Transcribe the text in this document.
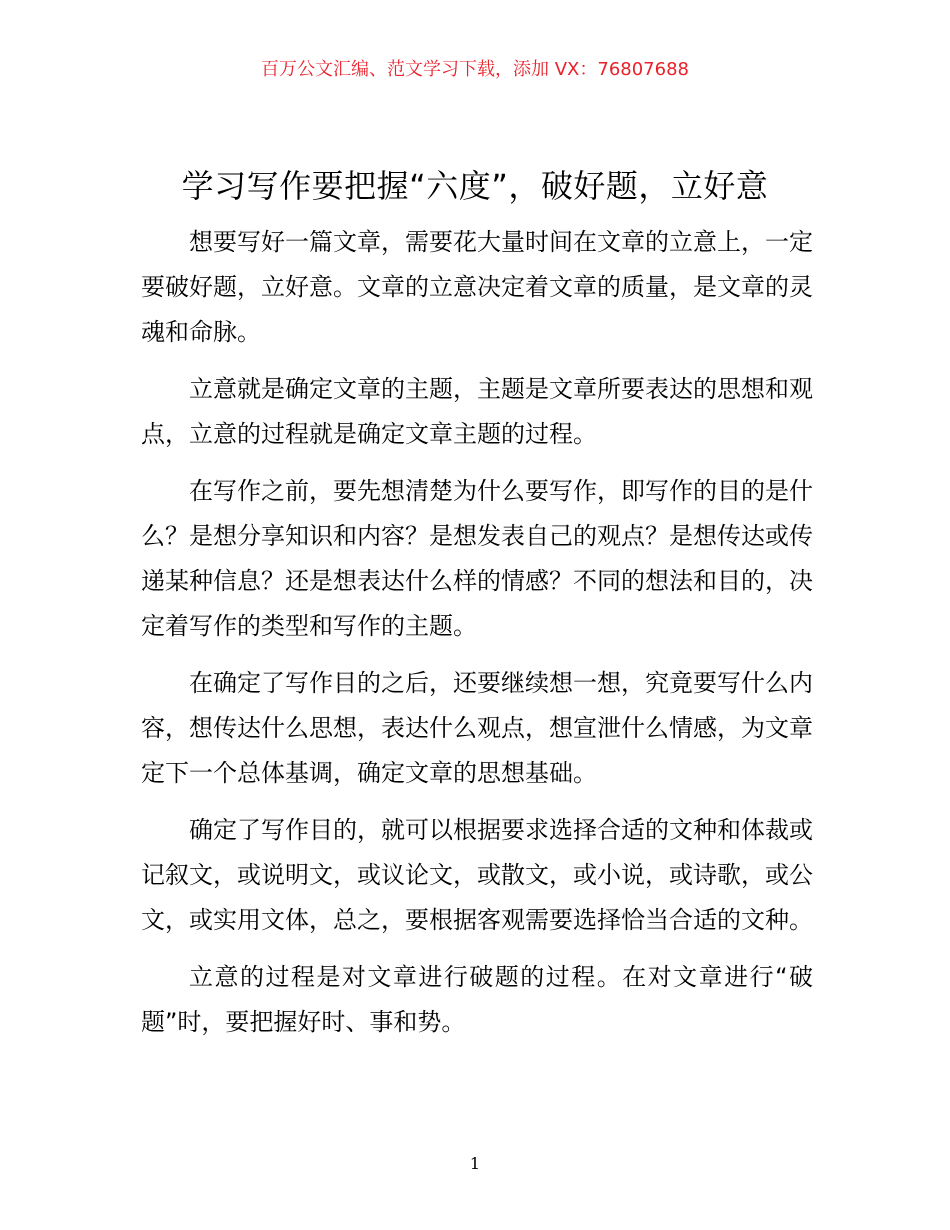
百万公文汇编、范文学习下载，添加 VX：76807688
学习写作要把握“六度”，破好题，立好意

想要写好一篇文章，需要花大量时间在文章的立意上，一定要破好题，立好意。文章的立意决定着文章的质量，是文章的灵魂和命脉。

立意就是确定文章的主题，主题是文章所要表达的思想和观点，立意的过程就是确定文章主题的过程。

在写作之前，要先想清楚为什么要写作，即写作的目的是什么？是想分享知识和内容？是想发表自己的观点？是想传达或传递某种信息？还是想表达什么样的情感？不同的想法和目的，决定着写作的类型和写作的主题。

在确定了写作目的之后，还要继续想一想，究竟要写什么内容，想传达什么思想，表达什么观点，想宣泄什么情感，为文章定下一个总体基调，确定文章的思想基础。

确定了写作目的，就可以根据要求选择合适的文种和体裁或记叙文，或说明文，或议论文，或散文，或小说，或诗歌，或公文，或实用文体，总之，要根据客观需要选择恰当合适的文种。

立意的过程是对文章进行破题的过程。在对文章进行“破题”时，要把握好时、事和势。

1
